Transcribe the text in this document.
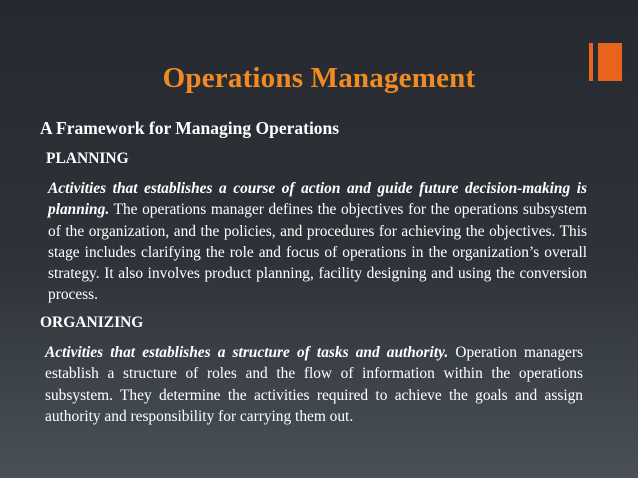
Operations Management
A Framework for Managing Operations
PLANNING
Activities that establishes a course of action and guide future decision-making is planning. The operations manager defines the objectives for the operations subsystem of the organization, and the policies, and procedures for achieving the objectives. This stage includes clarifying the role and focus of operations in the organization’s overall strategy. It also involves product planning, facility designing and using the conversion process.
ORGANIZING
Activities that establishes a structure of tasks and authority. Operation managers establish a structure of roles and the flow of information within the operations subsystem. They determine the activities required to achieve the goals and assign authority and responsibility for carrying them out.
